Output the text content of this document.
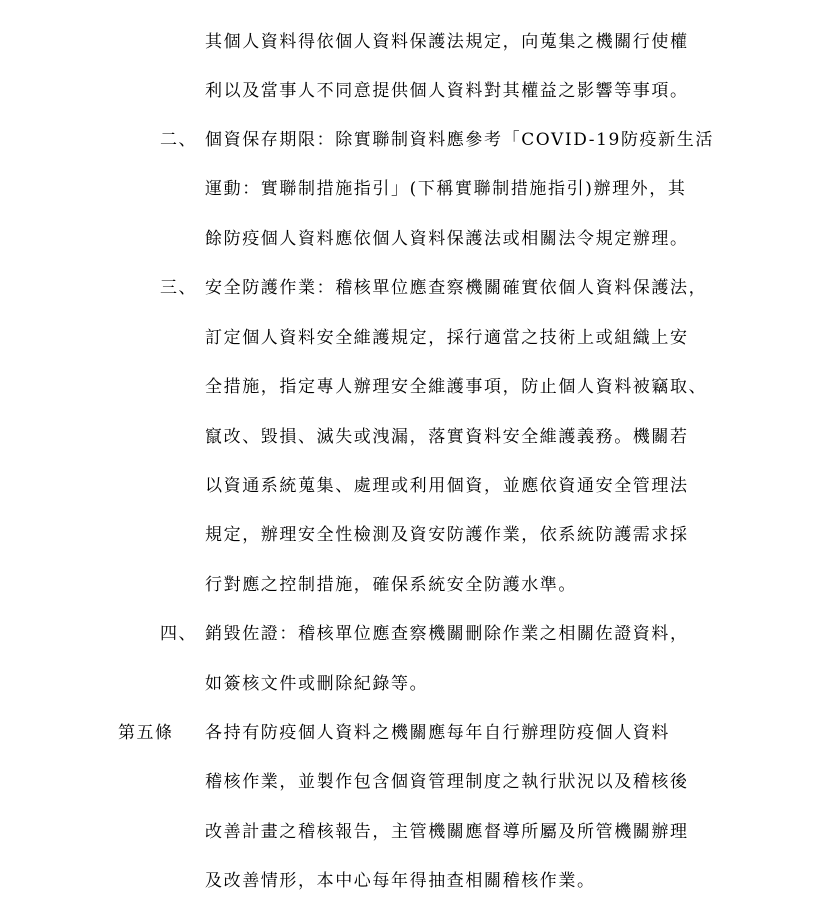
其個人資料得依個人資料保護法規定，向蒐集之機關行使權
利以及當事人不同意提供個人資料對其權益之影響等事項。
二、 個資保存期限：除實聯制資料應參考「COVID-19防疫新生活
運動：實聯制措施指引」(下稱實聯制措施指引)辦理外，其
餘防疫個人資料應依個人資料保護法或相關法令規定辦理。
三、 安全防護作業：稽核單位應查察機關確實依個人資料保護法，
訂定個人資料安全維護規定，採行適當之技術上或組織上安
全措施，指定專人辦理安全維護事項，防止個人資料被竊取、
竄改、毀損、滅失或洩漏，落實資料安全維護義務。機關若
以資通系統蒐集、處理或利用個資，並應依資通安全管理法
規定，辦理安全性檢測及資安防護作業，依系統防護需求採
行對應之控制措施，確保系統安全防護水準。
四、 銷毀佐證：稽核單位應查察機關刪除作業之相關佐證資料，
如簽核文件或刪除紀錄等。
第五條 各持有防疫個人資料之機關應每年自行辦理防疫個人資料
稽核作業，並製作包含個資管理制度之執行狀況以及稽核後
改善計畫之稽核報告，主管機關應督導所屬及所管機關辦理
及改善情形，本中心每年得抽查相關稽核作業。
